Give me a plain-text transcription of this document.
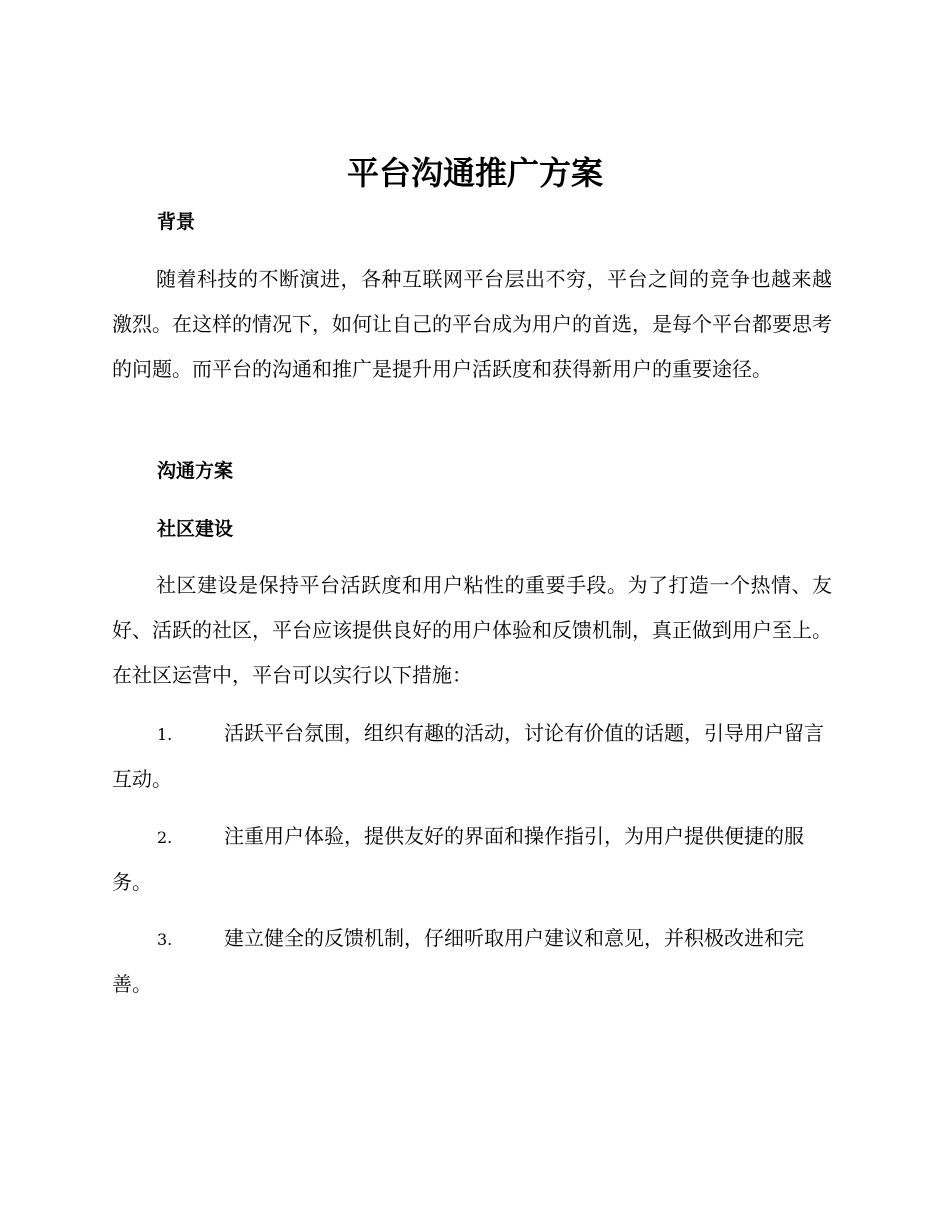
平台沟通推广方案
背景

随着科技的不断演进，各种互联网平台层出不穷，平台之间的竞争也越来越激烈。在这样的情况下，如何让自己的平台成为用户的首选，是每个平台都要思考的问题。而平台的沟通和推广是提升用户活跃度和获得新用户的重要途径。

沟通方案
社区建设

社区建设是保持平台活跃度和用户粘性的重要手段。为了打造一个热情、友好、活跃的社区，平台应该提供良好的用户体验和反馈机制，真正做到用户至上。在社区运营中，平台可以实行以下措施：

1.	活跃平台氛围，组织有趣的活动，讨论有价值的话题，引导用户留言互动。

2.	注重用户体验，提供友好的界面和操作指引，为用户提供便捷的服务。

3.	建立健全的反馈机制，仔细听取用户建议和意见，并积极改进和完善。
